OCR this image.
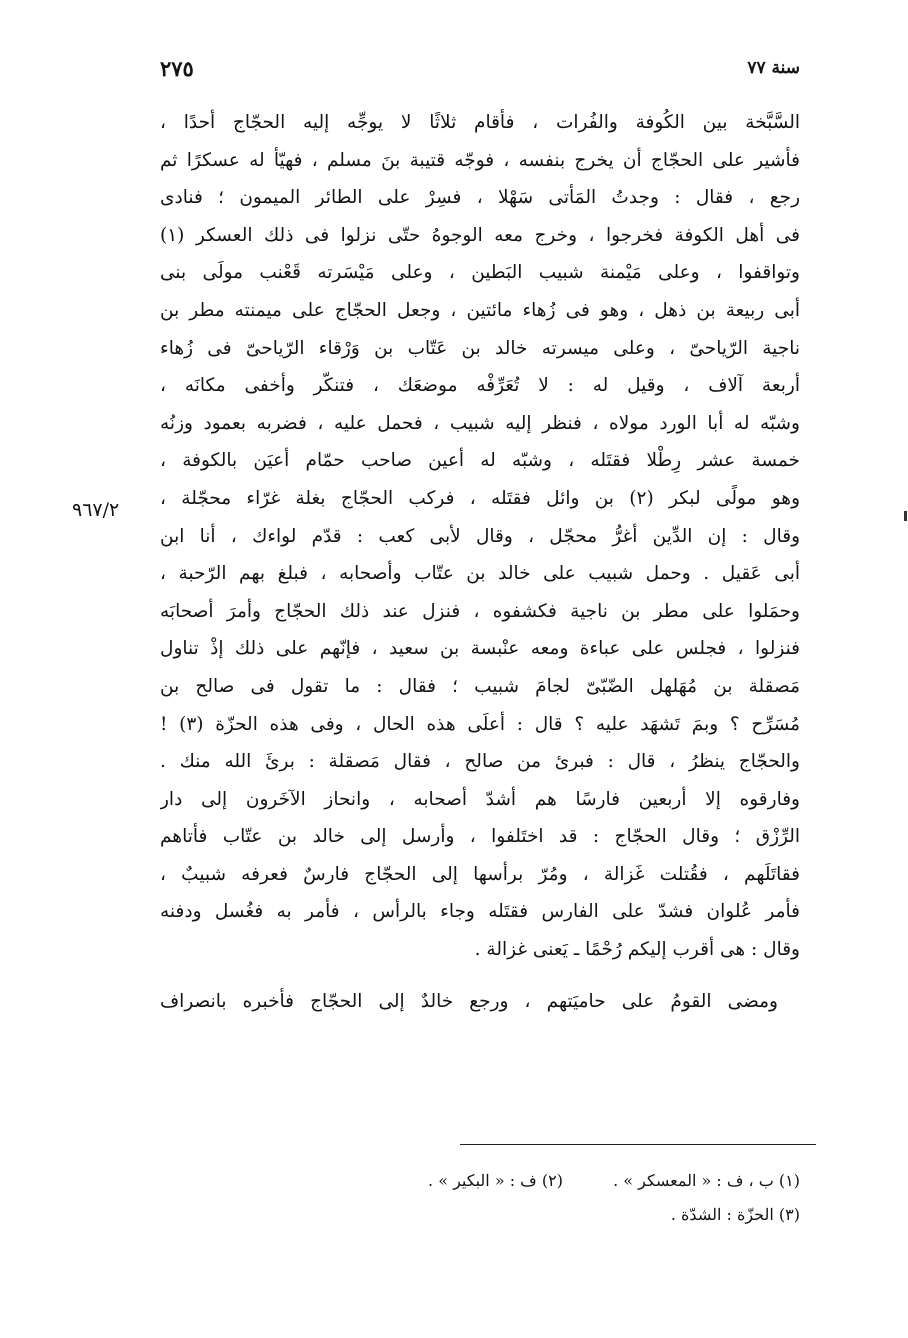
سنة ٧٧
٢٧٥
٩٦٧/٢
السَّبَّخة بين الكُوفة والفُرات ، فأقام ثلاثًا لا يوجِّه إليه الحجّاج أحدًا ،
فأشير على الحجّاج أن يخرج بنفسه ، فوجّه قتيبة بنَ مسلم ، فهيّأ له عسكرًا ثم
رجع ، فقال : وجدتُ المَأتى سَهْلا ، فسِرْ على الطائر الميمون ؛ فنادى
فى أهل الكوفة فخرجوا ، وخرج معه الوجوهُ حتّى نزلوا فى ذلك العسكر (١)
وتواقفوا ، وعلى مَيْمنة شبيب البَطين ، وعلى مَيْسَرته قَعْنب مولَى بنى
أبى ربيعة بن ذهل ، وهو فى زُهاء مائتين ، وجعل الحجّاج على ميمنته مطر بن
ناجية الرّياحىّ ، وعلى ميسرته خالد بن عَتّاب بن وَرْقاء الرّياحىّ فى زُهاء
أربعة آلاف ، وقيل له : لا تُعَرِّفْه موضعَك ، فتنكّر وأخفى مكانَه ،
وشبّه له أبا الورد مولاه ، فنظر إليه شبيب ، فحمل عليه ، فضربه بعمود وزنُه
خمسة عشر رِطْلا فقتَله ، وشبّه له أعين صاحب حمّام أعيَن بالكوفة ،
وهو مولًى لبكر (٢) بن وائل فقتَله ، فركب الحجّاج بغلة غرّاء محجّلة ،
وقال : إن الدِّين أغرُّ محجّل ، وقال لأبى كعب : قدّم لواءك ، أنا ابن
أبى عَقيل . وحمل شبيب على خالد بن عتّاب وأصحابه ، فبلغ بهم الرّحبة ،
وحمَلوا على مطر بن ناجية فكشفوه ، فنزل عند ذلك الحجّاج وأمرَ أصحابَه
فنزلوا ، فجلس على عباءة ومعه عنْبسة بن سعيد ، فإنّهم على ذلك إذْ تناول
مَصقلة بن مُهَلهل الضّبّىّ لجامَ شبيب ؛ فقال : ما تقول فى صالح بن
مُسَرِّح ؟ وبمَ تَشهَد عليه ؟ قال : أعلَى هذه الحال ، وفى هذه الحزّة (٣) !
والحجّاج ينظرُ ، قال : فبرئ من صالح ، فقال مَصقلة : برئَ الله منك .
وفارقوه إلا أربعين فارسًا هم أشدّ أصحابه ، وانحاز الآخَرون إلى دار
الرِّزْق ؛ وقال الحجّاج : قد اختَلفوا ، وأرسل إلى خالد بن عتّاب فأتاهم
فقاتَلَهم ، فقُتلت غَزالة ، ومُرّ برأسها إلى الحجّاج فارسٌ فعرفه شبيبٌ ،
فأمر عُلوان فشدّ على الفارس فقتَله وجاء بالرأس ، فأمر به فغُسل ودفنه
وقال : هى أقرب إليكم رُحْمًا ـ يَعنى غزالة .
ومضى القومُ على حاميَتهم ، ورجع خالدٌ إلى الحجّاج فأخبره بانصراف
(١) ب ، ف : « المعسكر » .  (٢) ف : « البكير » .
(٣) الحزّة : الشدّة .
